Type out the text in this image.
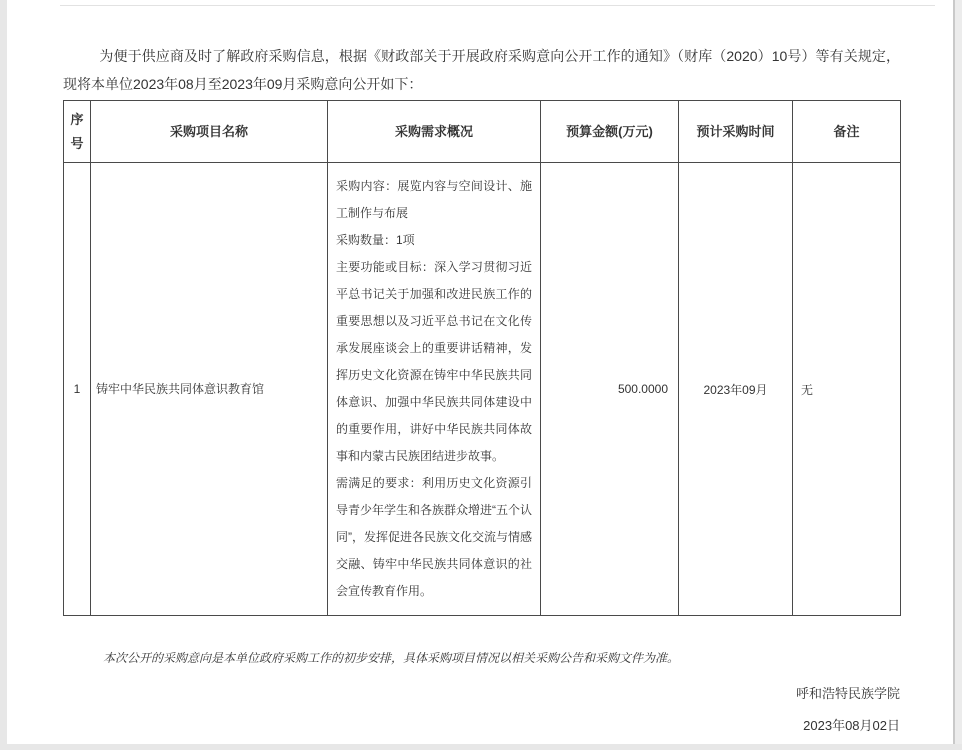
为便于供应商及时了解政府采购信息，根据《财政部关于开展政府采购意向公开工作的通知》（财库（2020）10号）等有关规定，现将本单位2023年08月至2023年09月采购意向公开如下：

序号	采购项目名称	采购需求概况	预算金额(万元)	预计采购时间	备注
1	铸牢中华民族共同体意识教育馆	采购内容：展览内容与空间设计、施工制作与布展

采购数量：1项

主要功能或目标：深入学习贯彻习近平总书记关于加强和改进民族工作的重要思想以及习近平总书记在文化传承发展座谈会上的重要讲话精神，发挥历史文化资源在铸牢中华民族共同体意识、加强中华民族共同体建设中的重要作用，讲好中华民族共同体故事和内蒙古民族团结进步故事。

需满足的要求：利用历史文化资源引导青少年学生和各族群众增进“五个认同”，发挥促进各民族文化交流与情感交融、铸牢中华民族共同体意识的社会宣传教育作用。	500.0000	2023年09月	无

本次公开的采购意向是本单位政府采购工作的初步安排，具体采购项目情况以相关采购公告和采购文件为准。

呼和浩特民族学院

2023年08月02日
